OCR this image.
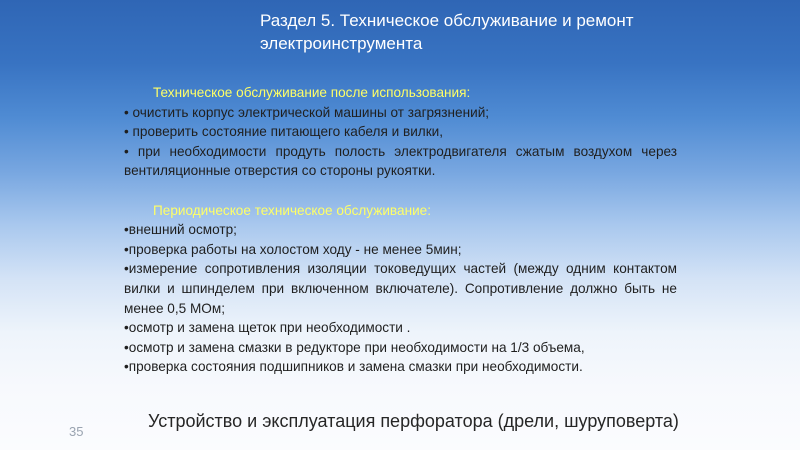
Раздел 5. Техническое обслуживание и ремонт электроинструмента

Техническое обслуживание после использования:

• очистить корпус электрической машины от загрязнений;

• проверить состояние питающего кабеля и вилки,

• при необходимости продуть полость электродвигателя сжатым воздухом через вентиляционные отверстия со стороны рукоятки.

Периодическое техническое обслуживание:

•внешний осмотр;

•проверка работы на холостом ходу - не менее 5мин;

•измерение сопротивления изоляции токоведущих частей (между одним контактом вилки и шпинделем при включенном включателе). Сопротивление должно быть не менее 0,5 МОм;

•осмотр и замена щеток при необходимости .

•осмотр и замена смазки в редукторе при необходимости на 1/3 объема,

•проверка состояния подшипников и замена смазки при необходимости.

35
Устройство и эксплуатация перфоратора (дрели, шуруповерта)
